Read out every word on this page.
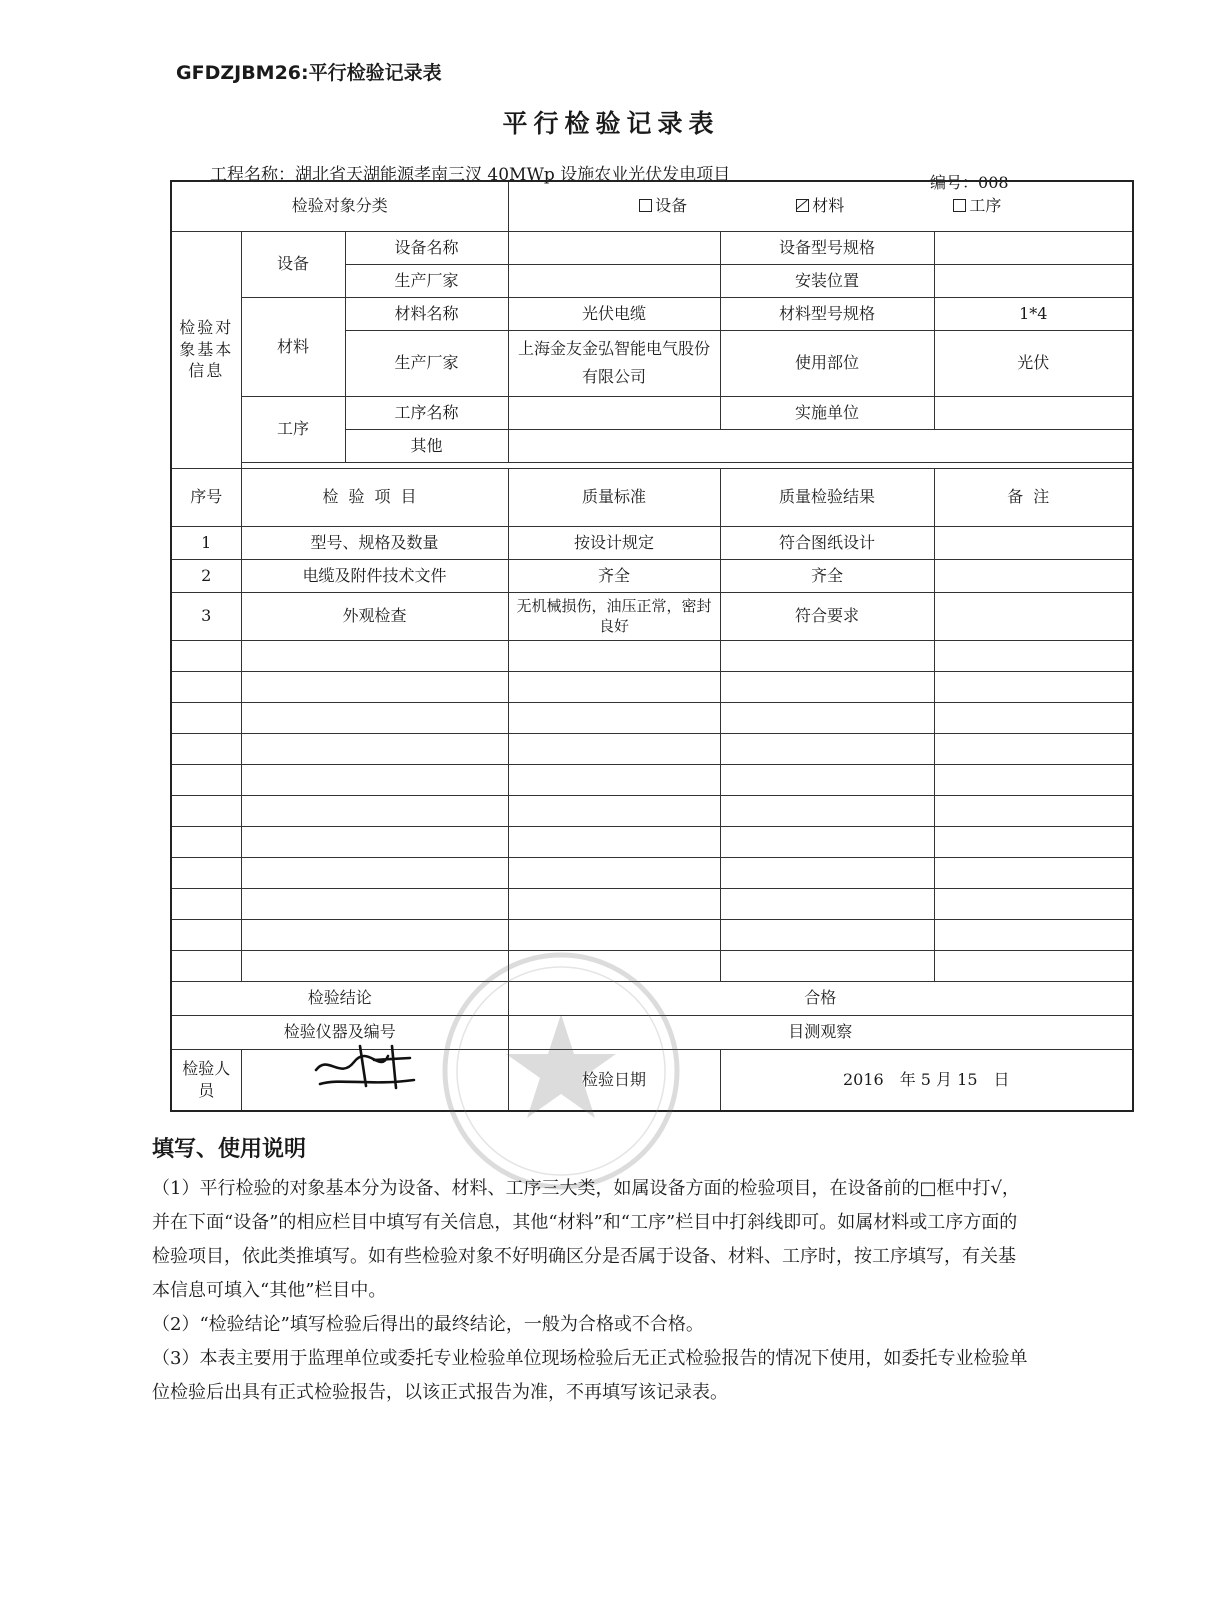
GFDZJBM26:平行检验记录表
平行检验记录表
工程名称：湖北省天湖能源孝南三汊 40MWp 设施农业光伏发电项目	编号：008
检验对象分类			设备 材料 工序		
检验对象基本信息	设备	设备名称		设备型号规格	
		生产厂家		安装位置	
	材料	材料名称	光伏电缆	材料型号规格	1*4
		生产厂家	上海金友金弘智能电气股份有限公司	使用部位	光伏
	工序	工序名称		实施单位	
		其他			

序号	检验项目		质量标准	质量检验结果	备注
1	型号、规格及数量		按设计规定	符合图纸设计	
2	电缆及附件技术文件		齐全	齐全	
3	外观检查		无机械损伤，油压正常，密封良好	符合要求	

检验结论			合格		
检验仪器及编号			目测观察		
检验人员			检验日期	2016　年 5 月 15　日	
填写、使用说明
（1）平行检验的对象基本分为设备、材料、工序三大类，如属设备方面的检验项目，在设备前的□框中打√，并在下面“设备”的相应栏目中填写有关信息，其他“材料”和“工序”栏目中打斜线即可。如属材料或工序方面的检验项目，依此类推填写。如有些检验对象不好明确区分是否属于设备、材料、工序时，按工序填写，有关基本信息可填入“其他”栏目中。
（2）“检验结论”填写检验后得出的最终结论，一般为合格或不合格。
（3）本表主要用于监理单位或委托专业检验单位现场检验后无正式检验报告的情况下使用，如委托专业检验单位检验后出具有正式检验报告，以该正式报告为准，不再填写该记录表。
